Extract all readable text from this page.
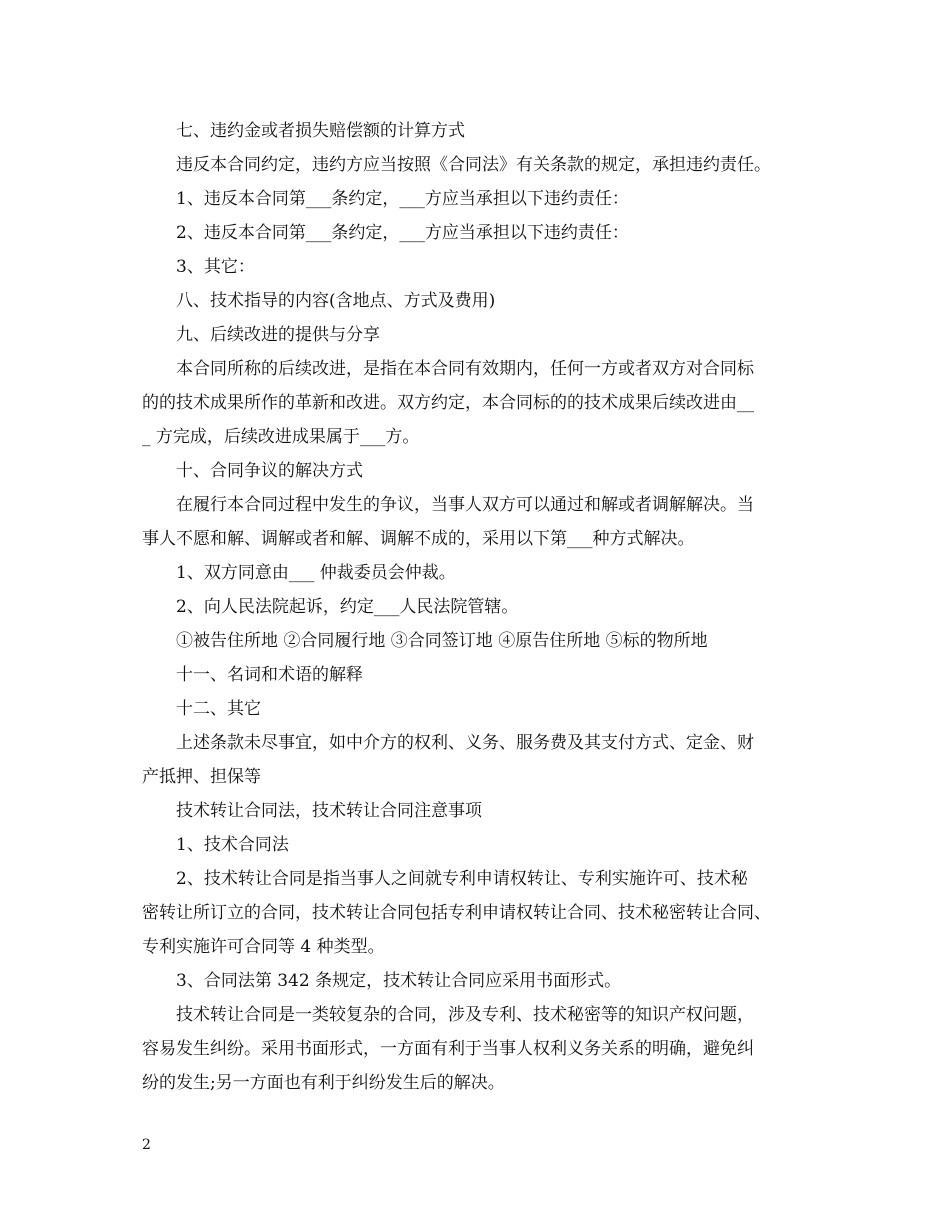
七、违约金或者损失赔偿额的计算方式

违反本合同约定，违约方应当按照《合同法》有关条款的规定，承担违约责任。

1、违反本合同第___条约定，___方应当承担以下违约责任：

2、违反本合同第___条约定，___方应当承担以下违约责任：

3、其它：

八、技术指导的内容(含地点、方式及费用)

九、后续改进的提供与分享

本合同所称的后续改进，是指在本合同有效期内，任何一方或者双方对合同标

的的技术成果所作的革新和改进。双方约定，本合同标的的技术成果后续改进由__

_ 方完成，后续改进成果属于___方。

十、合同争议的解决方式

在履行本合同过程中发生的争议，当事人双方可以通过和解或者调解解决。当

事人不愿和解、调解或者和解、调解不成的，采用以下第___种方式解决。

1、双方同意由___ 仲裁委员会仲裁。

2、向人民法院起诉，约定___人民法院管辖。

①被告住所地 ②合同履行地 ③合同签订地 ④原告住所地 ⑤标的物所地

十一、名词和术语的解释

十二、其它

上述条款未尽事宜，如中介方的权利、义务、服务费及其支付方式、定金、财

产抵押、担保等

技术转让合同法，技术转让合同注意事项

1、技术合同法

2、技术转让合同是指当事人之间就专利申请权转让、专利实施许可、技术秘

密转让所订立的合同，技术转让合同包括专利申请权转让合同、技术秘密转让合同、

专利实施许可合同等 4 种类型。

3、合同法第 342 条规定，技术转让合同应采用书面形式。

技术转让合同是一类较复杂的合同，涉及专利、技术秘密等的知识产权问题，

容易发生纠纷。采用书面形式，一方面有利于当事人权利义务关系的明确，避免纠

纷的发生;另一方面也有利于纠纷发生后的解决。

2
